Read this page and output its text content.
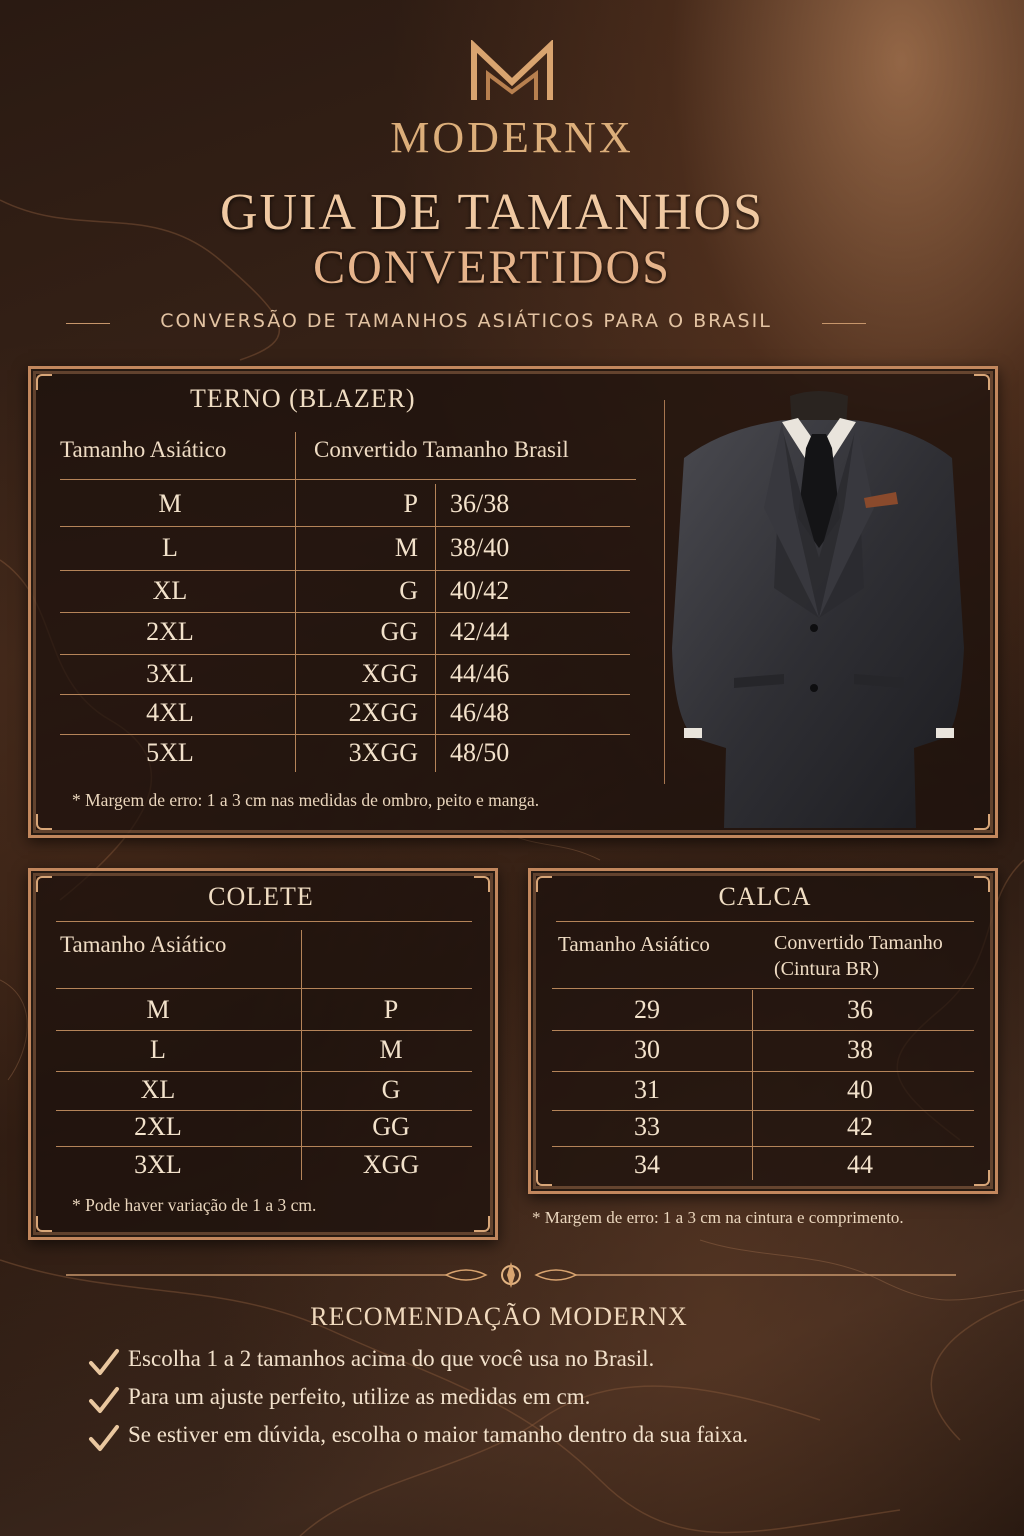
MODERNX
GUIA DE TAMANHOS
CONVERTIDOS
CONVERSÃO DE TAMANHOS ASIÁTICOS PARA O BRASIL
TERNO (BLAZER)
Tamanho Asiático	Convertido Tamanho Brasil
M	P 36/38
L	M 38/40
XL	G 40/42
2XL	GG 42/44
3XL	XGG 44/46
4XL	2XGG 46/48
5XL	3XGG 48/50
* Margem de erro: 1 a 3 cm nas medidas de ombro, peito e manga.
COLETE
Tamanho Asiático
M	P
L	M
XL	G
2XL	GG
3XL	XGG
* Pode haver variação de 1 a 3 cm.
CALCA
Tamanho Asiático	Convertido Tamanho
(Cintura BR)
29	36
30	38
31	40
33	42
34	44
* Margem de erro: 1 a 3 cm na cintura e comprimento.
RECOMENDAÇÃO MODERNX
Escolha 1 a 2 tamanhos acima do que você usa no Brasil.
Para um ajuste perfeito, utilize as medidas em cm.
Se estiver em dúvida, escolha o maior tamanho dentro da sua faixa.
